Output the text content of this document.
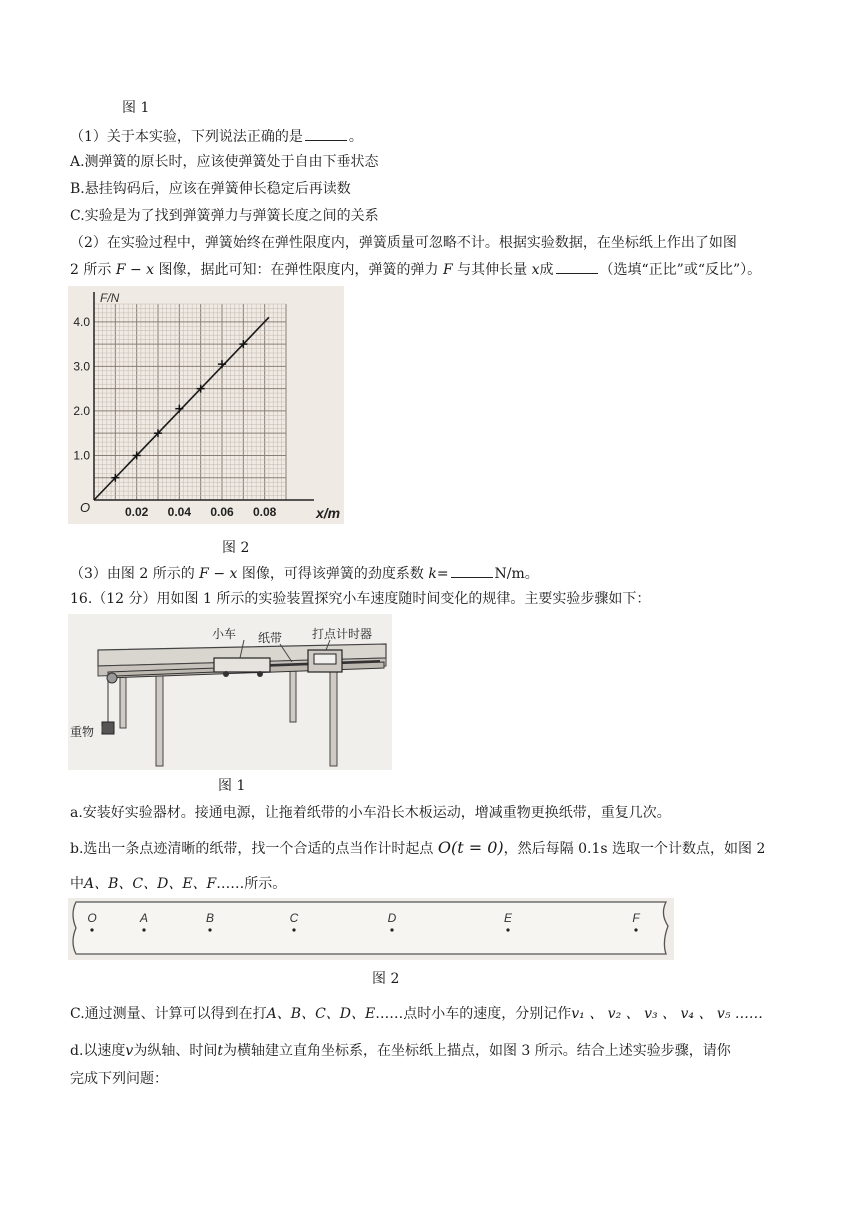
图 1
（1）关于本实验，下列说法正确的是	。
A.测弹簧的原长时，应该使弹簧处于自由下垂状态
B.悬挂钩码后，应该在弹簧伸长稳定后再读数
C.实验是为了找到弹簧弹力与弹簧长度之间的关系
（2）在实验过程中，弹簧始终在弹性限度内，弹簧质量可忽略不计。根据实验数据，在坐标纸上作出了如图
2 所示 F − x 图像，据此可知：在弹性限度内，弹簧的弹力 F 与其伸长量 x成	（选填“正比”或“反比”）。
0.02 0.04 0.06 0.08
1.0
2.0
3.0
4.0
O	x/m
F/N
图 2
（3）由图 2 所示的 F − x 图像，可得该弹簧的劲度系数 k=	N/m。
16.（12 分）用如图 1 所示的实验装置探究小车速度随时间变化的规律。主要实验步骤如下：
小车 纸带 打点计时器
重物
图 1
a.安装好实验器材。接通电源，让拖着纸带的小车沿长木板运动，增减重物更换纸带，重复几次。
b.选出一条点迹清晰的纸带，找一个合适的点当作计时起点 O(t = 0)，然后每隔 0.1s 选取一个计数点，如图 2
中A、B、C、D、E、F……所示。
O	A	B	C	D	E	F
图 2
C.通过测量、计算可以得到在打A、B、C、D、E……点时小车的速度，分别记作v₁ 、 v₂ 、 v₃ 、 v₄ 、 v₅ ……
d.以速度v为纵轴、时间t为横轴建立直角坐标系，在坐标纸上描点，如图 3 所示。结合上述实验步骤，请你
完成下列问题：
